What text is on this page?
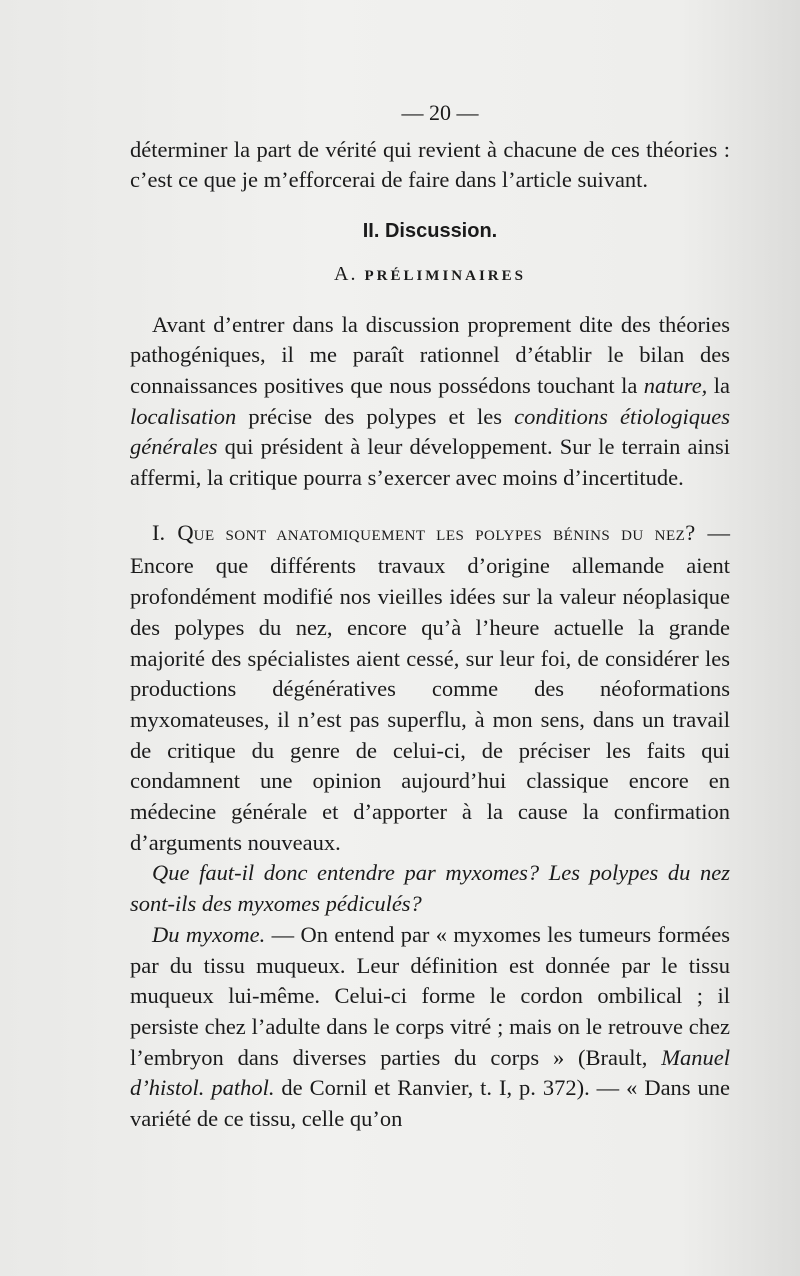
— 20 —

déterminer la part de vérité qui revient à chacune de ces théories : c’est ce que je m’efforcerai de faire dans l’article suivant.

II. Discussion.
A. PRÉLIMINAIRES

Avant d’entrer dans la discussion proprement dite des théories pathogéniques, il me paraît rationnel d’établir le bilan des connaissances positives que nous possédons touchant la nature, la localisation précise des polypes et les conditions étiologiques générales qui président à leur développement. Sur le terrain ainsi affermi, la critique pourra s’exercer avec moins d’incertitude.

I. QUE SONT ANATOMIQUEMENT LES POLYPES BÉNINS DU NEZ? — Encore que différents travaux d’origine allemande aient profondément modifié nos vieilles idées sur la valeur néoplasique des polypes du nez, encore qu’à l’heure actuelle la grande majorité des spécialistes aient cessé, sur leur foi, de considérer les productions dégénératives comme des néoformations myxomateuses, il n’est pas superflu, à mon sens, dans un travail de critique du genre de celui-ci, de préciser les faits qui condamnent une opinion aujourd’hui classique encore en médecine générale et d’apporter à la cause la confirmation d’arguments nouveaux.

Que faut-il donc entendre par myxomes? Les polypes du nez sont-ils des myxomes pédiculés?

Du myxome. — On entend par « myxomes les tumeurs formées par du tissu muqueux. Leur définition est donnée par le tissu muqueux lui-même. Celui-ci forme le cordon ombilical ; il persiste chez l’adulte dans le corps vitré ; mais on le retrouve chez l’embryon dans diverses parties du corps » (Brault, Manuel d’histol. pathol. de Cornil et Ranvier, t. I, p. 372). — « Dans une variété de ce tissu, celle qu’on
